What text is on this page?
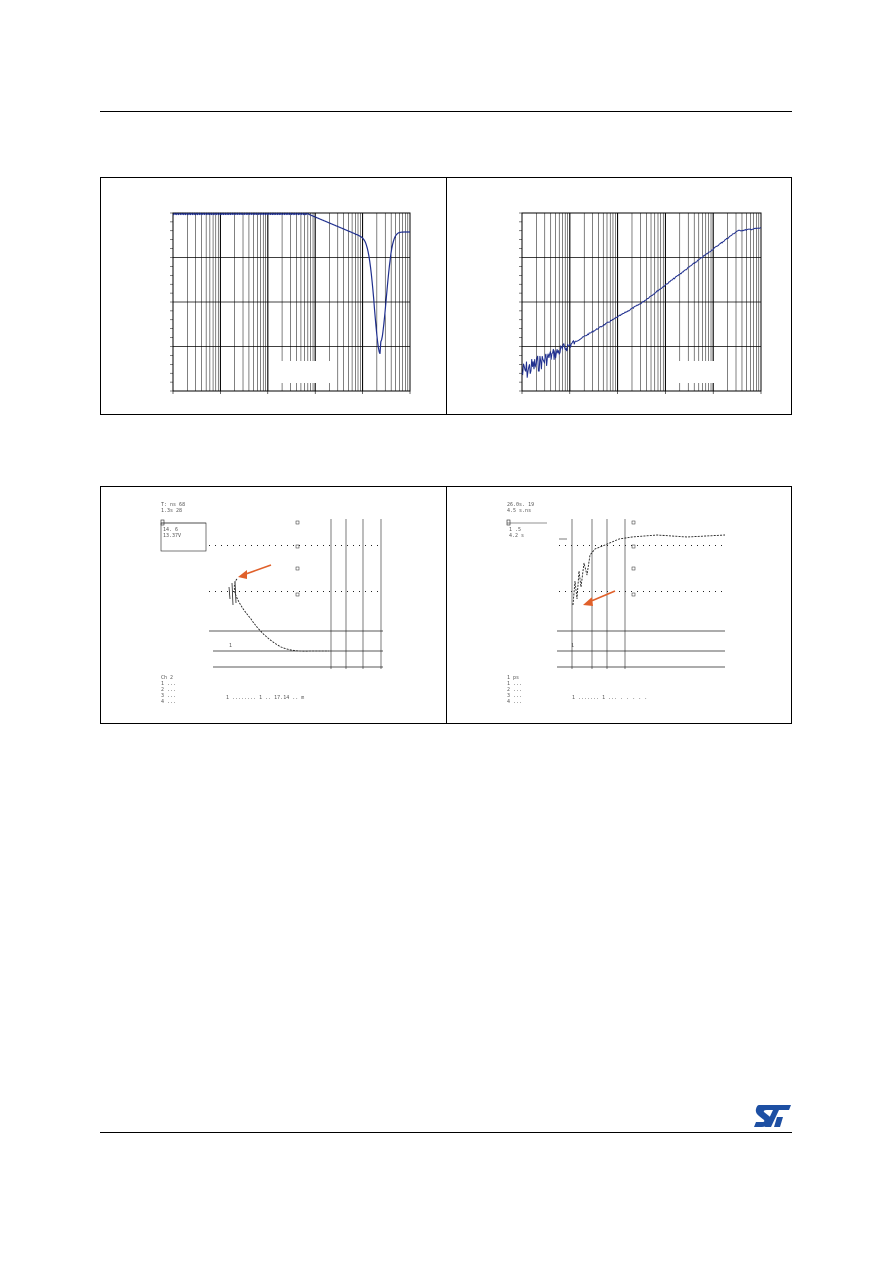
T: ns 68
1.3s 28
14. 6
13.37V
1
Ch 2
1 ...
2 ...
3 ...
4 ...
1 ........ 1 .. 17.14 .. m
26.0s. 19
4.5 s.ns
1 .5
4.2 s
1
1 ps
1 ...
2 ...
3 ...
4 ...
1 ....... 1 ... . . . . .
